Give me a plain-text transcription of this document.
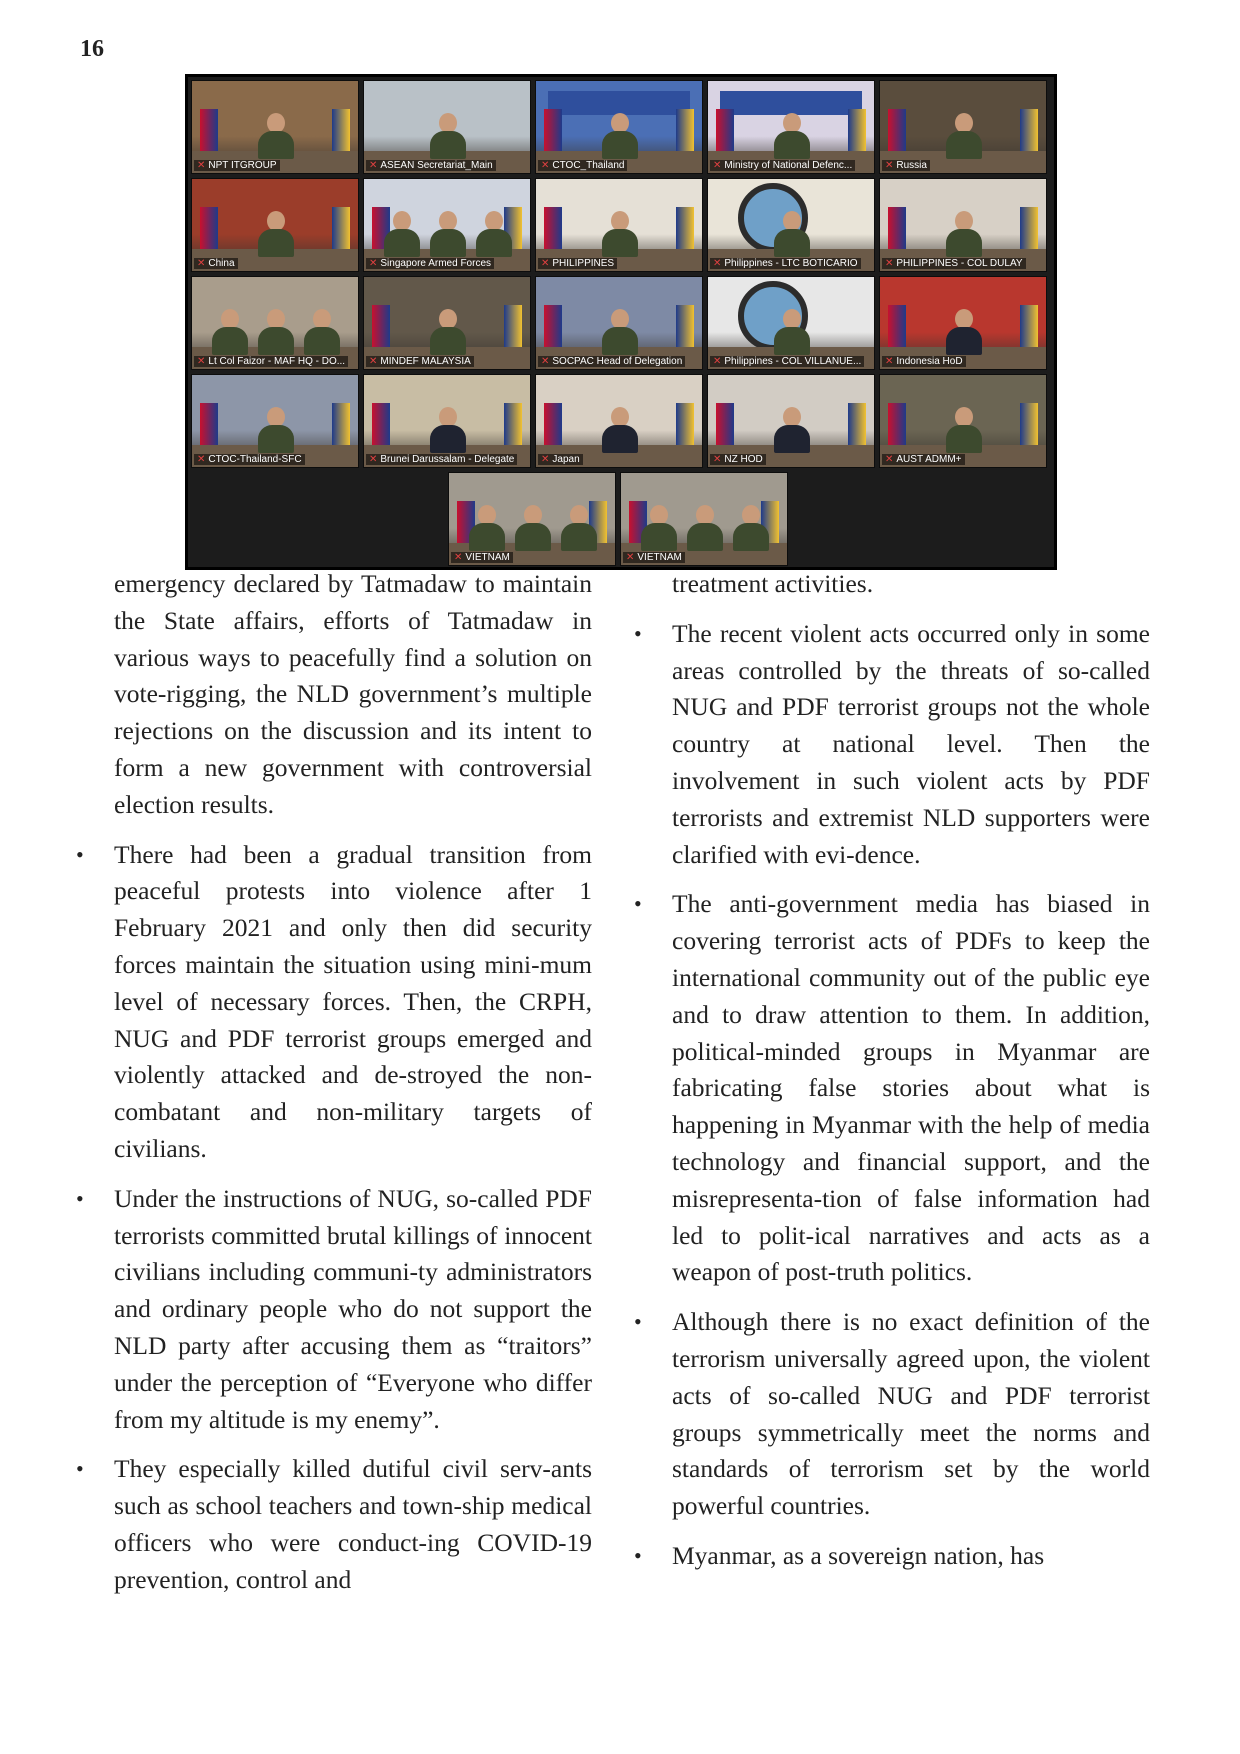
16
✕ NPT ITGROUP	✕ ASEAN Secretariat_Main	✕ CTOC_Thailand	✕ Ministry of National Defenc...	✕ Russia
✕ China	✕ Singapore Armed Forces	✕ PHILIPPINES	✕ Philippines - LTC BOTICARIO	✕ PHILIPPINES - COL DULAY
✕ Lt Col Faizor - MAF HQ - DO...	✕ MINDEF MALAYSIA	✕ SOCPAC Head of Delegation	✕ Philippines - COL VILLANUE...	✕ Indonesia HoD
✕ CTOC-Thailand-SFC	✕ Brunei Darussalam - Delegate	✕ Japan	✕ NZ HOD	✕ AUST ADMM+
✕ VIETNAM	✕ VIETNAM

emergency declared by Tatmadaw to maintain the State affairs, efforts of Tatmadaw in various ways to peacefully find a solution on vote-rigging, the NLD government’s multiple rejections on the discussion and its intent to form a new government with controversial election results.

• There had been a gradual transition from peaceful protests into violence after 1 February 2021 and only then did security forces maintain the situation using mini-mum level of necessary forces. Then, the CRPH, NUG and PDF terrorist groups emerged and violently attacked and de-stroyed the non-combatant and non-military targets of civilians.
• Under the instructions of NUG, so-called PDF terrorists committed brutal killings of innocent civilians including communi-ty administrators and ordinary people who do not support the NLD party after accusing them as “traitors” under the perception of “Everyone who differ from my altitude is my enemy”.
• They especially killed dutiful civil serv-ants such as school teachers and town-ship medical officers who were conduct-ing COVID-19 prevention, control and

treatment activities.

• The recent violent acts occurred only in some areas controlled by the threats of so-called NUG and PDF terrorist groups not the whole country at national level. Then the involvement in such violent acts by PDF terrorists and extremist NLD supporters were clarified with evi-dence.
• The anti-government media has biased in covering terrorist acts of PDFs to keep the international community out of the public eye and to draw attention to them. In addition, political-minded groups in Myanmar are fabricating false stories about what is happening in Myanmar with the help of media technology and financial support, and the misrepresenta-tion of false information had led to polit-ical narratives and acts as a weapon of post-truth politics.
• Although there is no exact definition of the terrorism universally agreed upon, the violent acts of so-called NUG and PDF terrorist groups symmetrically meet the norms and standards of terrorism set by the world powerful countries.
• Myanmar, as a sovereign nation, has
